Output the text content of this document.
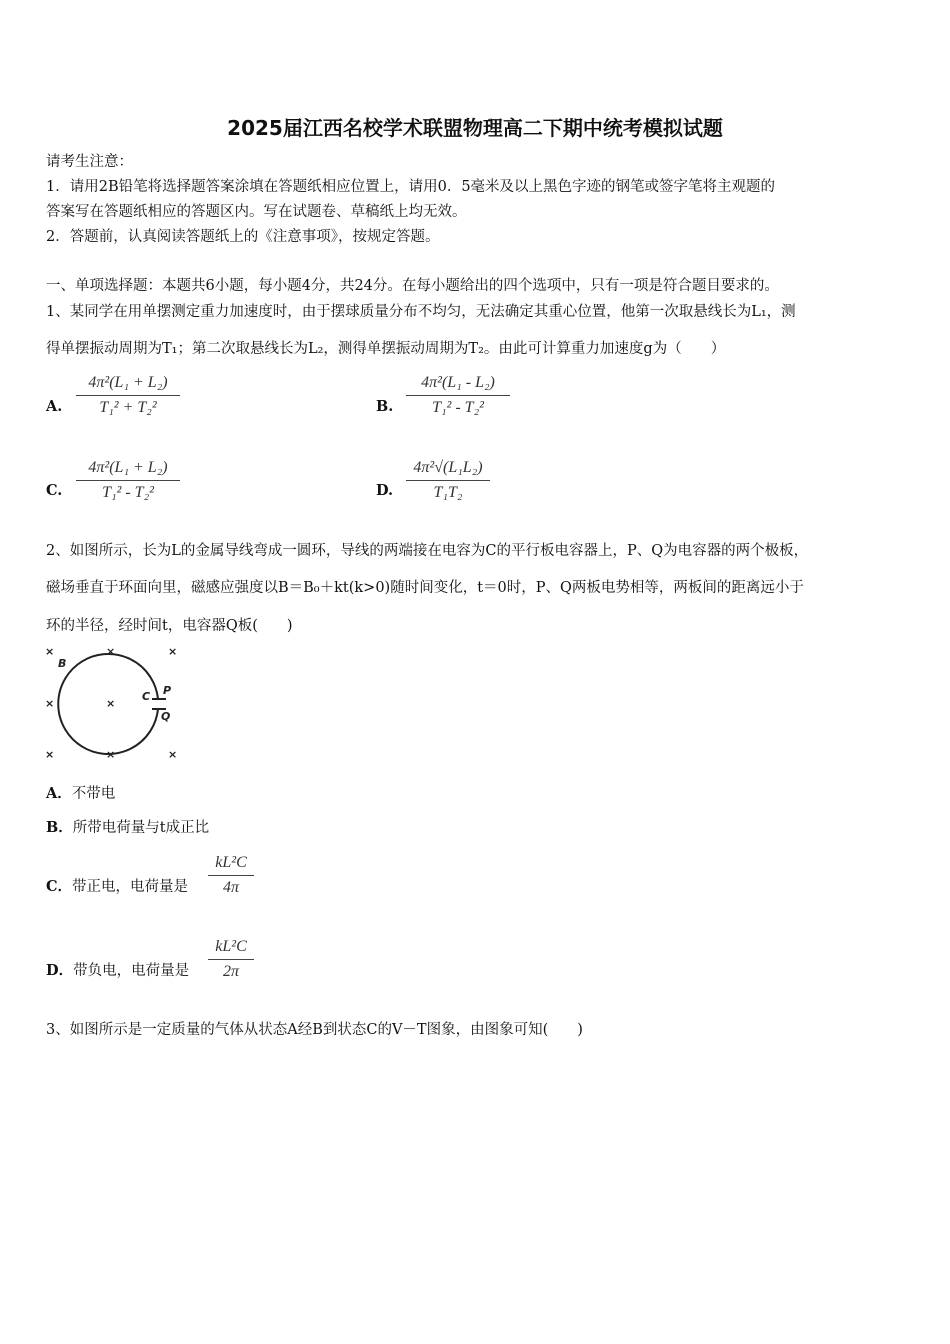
2025届江西名校学术联盟物理高二下期中统考模拟试题
请考生注意：
1．请用2B铅笔将选择题答案涂填在答题纸相应位置上，请用0．5毫米及以上黑色字迹的钢笔或签字笔将主观题的
答案写在答题纸相应的答题区内。写在试题卷、草稿纸上均无效。
2．答题前，认真阅读答题纸上的《注意事项》，按规定答题。
一、单项选择题：本题共6小题，每小题4分，共24分。在每小题给出的四个选项中，只有一项是符合题目要求的。
1、某同学在用单摆测定重力加速度时，由于摆球质量分布不均匀，无法确定其重心位置，他第一次取悬线长为L₁，测
得单摆振动周期为T₁；第二次取悬线长为L₂，测得单摆振动周期为T₂。由此可计算重力加速度g为（　　）
A.
4π²(L₁ + L₂)
T₁² + T₂²	B.
4π²(L₁ - L₂)
T₁² - T₂²
C.
4π²(L₁ + L₂)
T₁² - T₂²	D.
4π²√(L₁L₂)
T₁T₂
2、如图所示，长为L的金属导线弯成一圆环，导线的两端接在电容为C的平行板电容器上，P、Q为电容器的两个极板，
磁场垂直于环面向里，磁感应强度以B＝B₀＋kt(k>0)随时间变化，t＝0时，P、Q两板电势相等，两板间的距离远小于
环的半径，经时间t，电容器Q板(　　)
×	×	×
×	×
×	×	×
B
C P
Q
A．不带电
B．所带电荷量与t成正比
C．带正电，电荷量是
kL²C
4π
D．带负电，电荷量是
kL²C
2π
3、如图所示是一定质量的气体从状态A经B到状态C的V－T图象，由图象可知(　　)
